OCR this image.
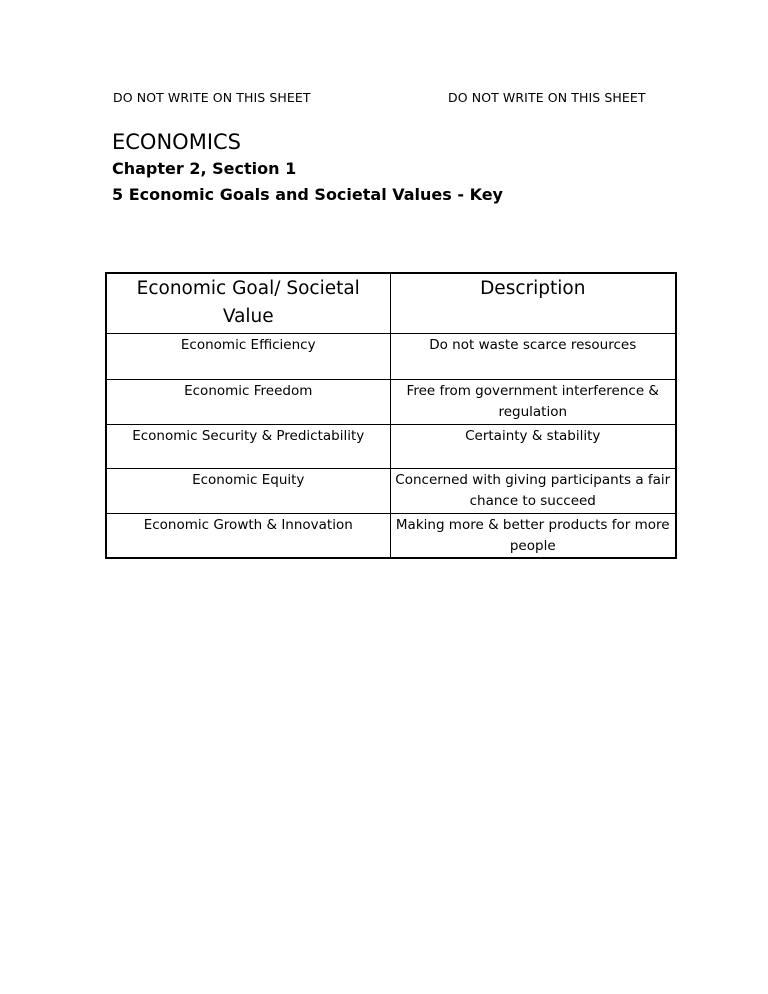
DO NOT WRITE ON THIS SHEET	DO NOT WRITE ON THIS SHEET
ECONOMICS
Chapter 2, Section 1
5 Economic Goals and Societal Values - Key
Economic Goal/ Societal Value	Description
Economic Efficiency	Do not waste scarce resources
Economic Freedom	Free from government interference & regulation
Economic Security & Predictability	Certainty & stability
Economic Equity	Concerned with giving participants a fair chance to succeed
Economic Growth & Innovation	Making more & better products for more people
